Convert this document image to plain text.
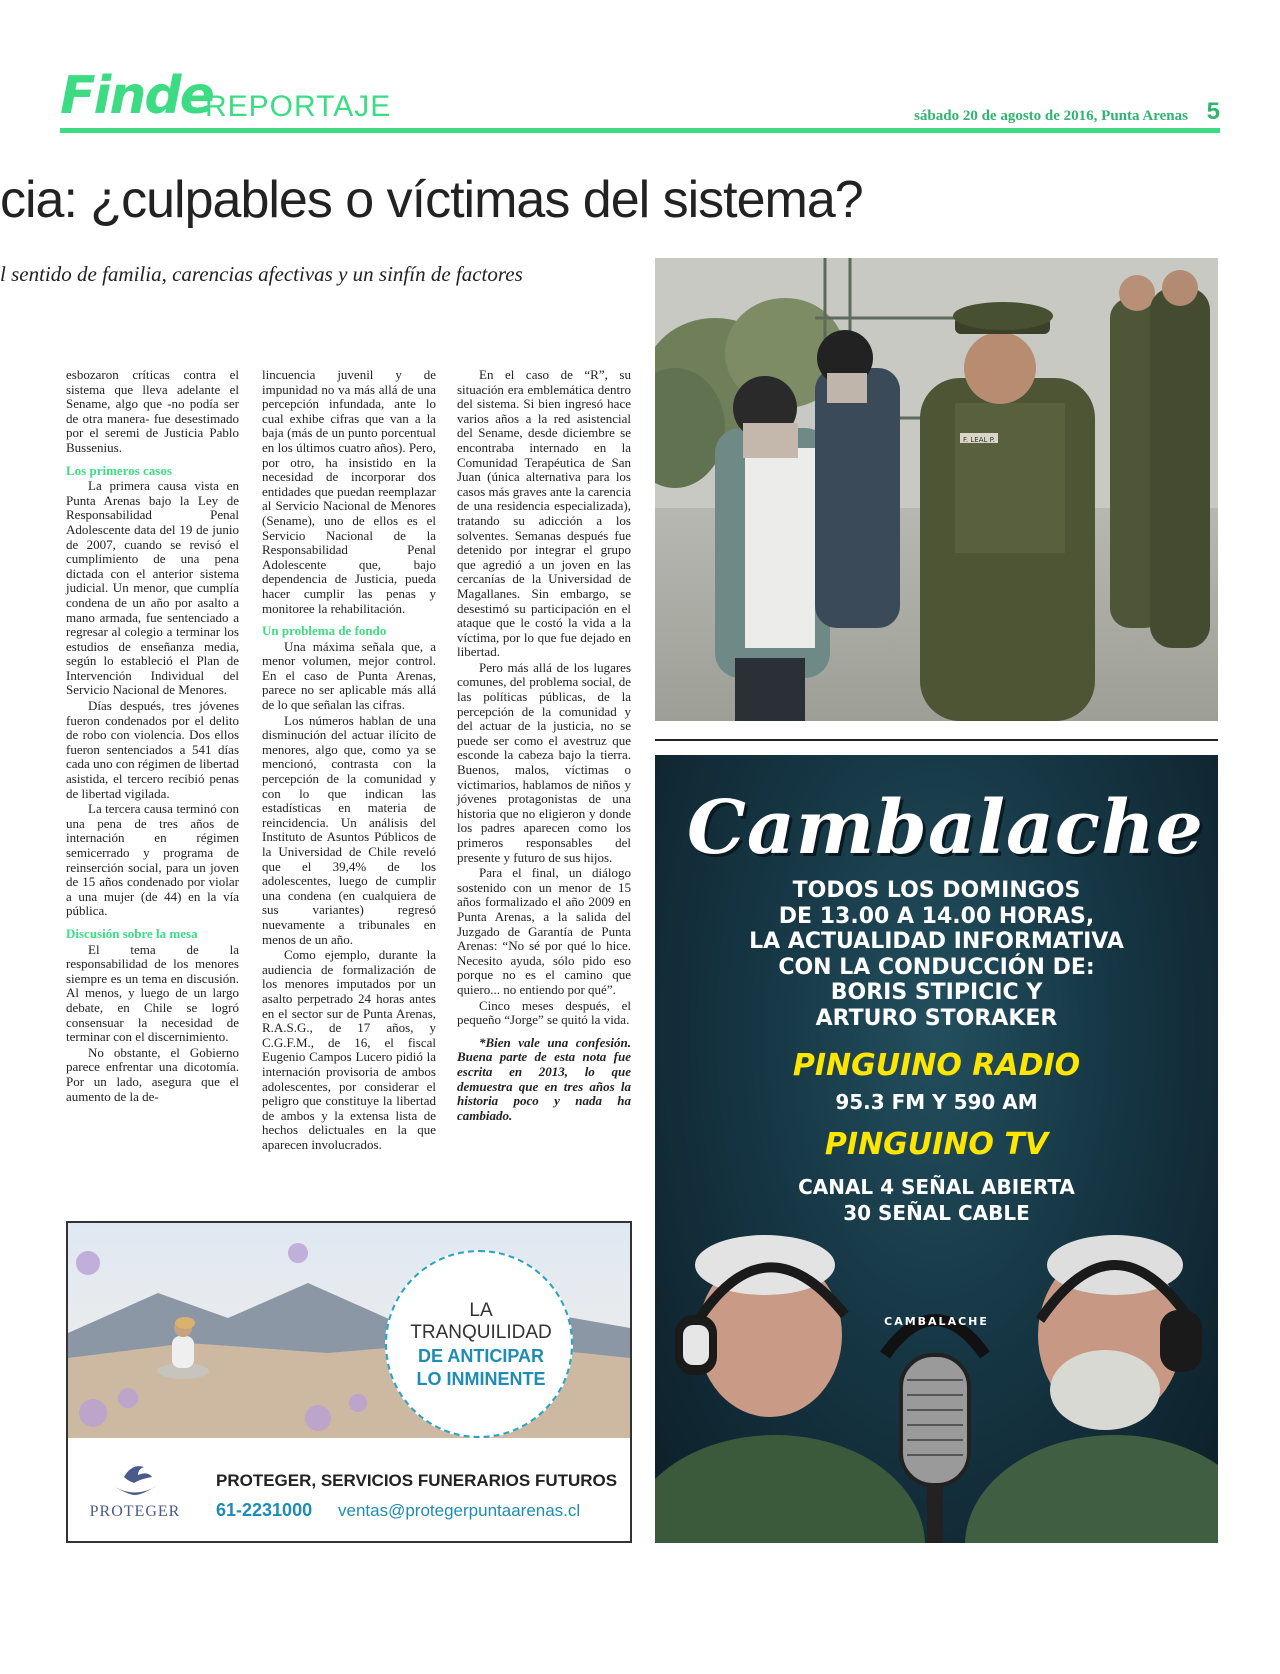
Finde
REPORTAJE	sábado 20 de agosto de 2016, Punta Arenas 5
cia: ¿culpables o víctimas del sistema?
l sentido de familia, carencias afectivas y un sinfín de factores

esbozaron críticas contra el sistema que lleva adelante el Sename, algo que -no podía ser de otra manera- fue desestimado por el seremi de Justicia Pablo Bussenius.

Los primeros casos

La primera causa vista en Punta Arenas bajo la Ley de Responsabilidad Penal Adolescente data del 19 de junio de 2007, cuando se revisó el cumplimiento de una pena dictada con el anterior sistema judicial. Un menor, que cumplía condena de un año por asalto a mano armada, fue sentenciado a regresar al colegio a terminar los estudios de enseñanza media, según lo estableció el Plan de Intervención Individual del Servicio Nacional de Menores.

Días después, tres jóvenes fueron condenados por el delito de robo con violencia. Dos ellos fueron sentenciados a 541 días cada uno con régimen de libertad asistida, el tercero recibió penas de libertad vigilada.

La tercera causa terminó con una pena de tres años de internación en régimen semicerrado y programa de reinserción social, para un joven de 15 años condenado por violar a una mujer (de 44) en la vía pública.

Discusión sobre la mesa

El tema de la responsabilidad de los menores siempre es un tema en discusión. Al menos, y luego de un largo debate, en Chile se logró consensuar la necesidad de terminar con el discernimiento.

No obstante, el Gobierno parece enfrentar una dicotomía. Por un lado, asegura que el aumento de la de-

lincuencia juvenil y de impunidad no va más allá de una percepción infundada, ante lo cual exhibe cifras que van a la baja (más de un punto porcentual en los últimos cuatro años). Pero, por otro, ha insistido en la necesidad de incorporar dos entidades que puedan reemplazar al Servicio Nacional de Menores (Sename), uno de ellos es el Servicio Nacional de la Responsabilidad Penal Adolescente que, bajo dependencia de Justicia, pueda hacer cumplir las penas y monitoree la rehabilitación.

Un problema de fondo

Una máxima señala que, a menor volumen, mejor control. En el caso de Punta Arenas, parece no ser aplicable más allá de lo que señalan las cifras.

Los números hablan de una disminución del actuar ilícito de menores, algo que, como ya se mencionó, contrasta con la percepción de la comunidad y con lo que indican las estadísticas en materia de reincidencia. Un análisis del Instituto de Asuntos Públicos de la Universidad de Chile reveló que el 39,4% de los adolescentes, luego de cumplir una condena (en cualquiera de sus variantes) regresó nuevamente a tribunales en menos de un año.

Como ejemplo, durante la audiencia de formalización de los menores imputados por un asalto perpetrado 24 horas antes en el sector sur de Punta Arenas, R.A.S.G., de 17 años, y C.G.F.M., de 16, el fiscal Eugenio Campos Lucero pidió la internación provisoria de ambos adolescentes, por considerar el peligro que constituye la libertad de ambos y la extensa lista de hechos delictuales en la que aparecen involucrados.

En el caso de “R”, su situación era emblemática dentro del sistema. Si bien ingresó hace varios años a la red asistencial del Sename, desde diciembre se encontraba internado en la Comunidad Terapéutica de San Juan (única alternativa para los casos más graves ante la carencia de una residencia especializada), tratando su adicción a los solventes. Semanas después fue detenido por integrar el grupo que agredió a un joven en las cercanías de la Universidad de Magallanes. Sin embargo, se desestimó su participación en el ataque que le costó la vida a la víctima, por lo que fue dejado en libertad.

Pero más allá de los lugares comunes, del problema social, de las políticas públicas, de la percepción de la comunidad y del actuar de la justicia, no se puede ser como el avestruz que esconde la cabeza bajo la tierra. Buenos, malos, víctimas o victimarios, hablamos de niños y jóvenes protagonistas de una historia que no eligieron y donde los padres aparecen como los primeros responsables del presente y futuro de sus hijos.

Para el final, un diálogo sostenido con un menor de 15 años formalizado el año 2009 en Punta Arenas, a la salida del Juzgado de Garantía de Punta Arenas: “No sé por qué lo hice. Necesito ayuda, sólo pido eso porque no es el camino que quiero... no entiendo por qué”.

Cinco meses después, el pequeño “Jorge” se quitó la vida.

*Bien vale una confesión. Buena parte de esta nota fue escrita en 2013, lo que demuestra que en tres años la historia poco y nada ha cambiado.

F. LEAL P.
Cambalache
TODOS LOS DOMINGOS
DE 13.00 A 14.00 HORAS,
LA ACTUALIDAD INFORMATIVA
CON LA CONDUCCIÓN DE:
BORIS STIPICIC Y
ARTURO STORAKER
PINGUINO RADIO
95.3 FM Y 590 AM
PINGUINO TV
CANAL 4 SEÑAL ABIERTA
30 SEÑAL CABLE
CAMBALACHE
LA
TRANQUILIDAD
DE ANTICIPAR
LO INMINENTE
PROTEGER
PROTEGER, SERVICIOS FUNERARIOS FUTUROS
61-2231000 ventas@protegerpuntaarenas.cl
